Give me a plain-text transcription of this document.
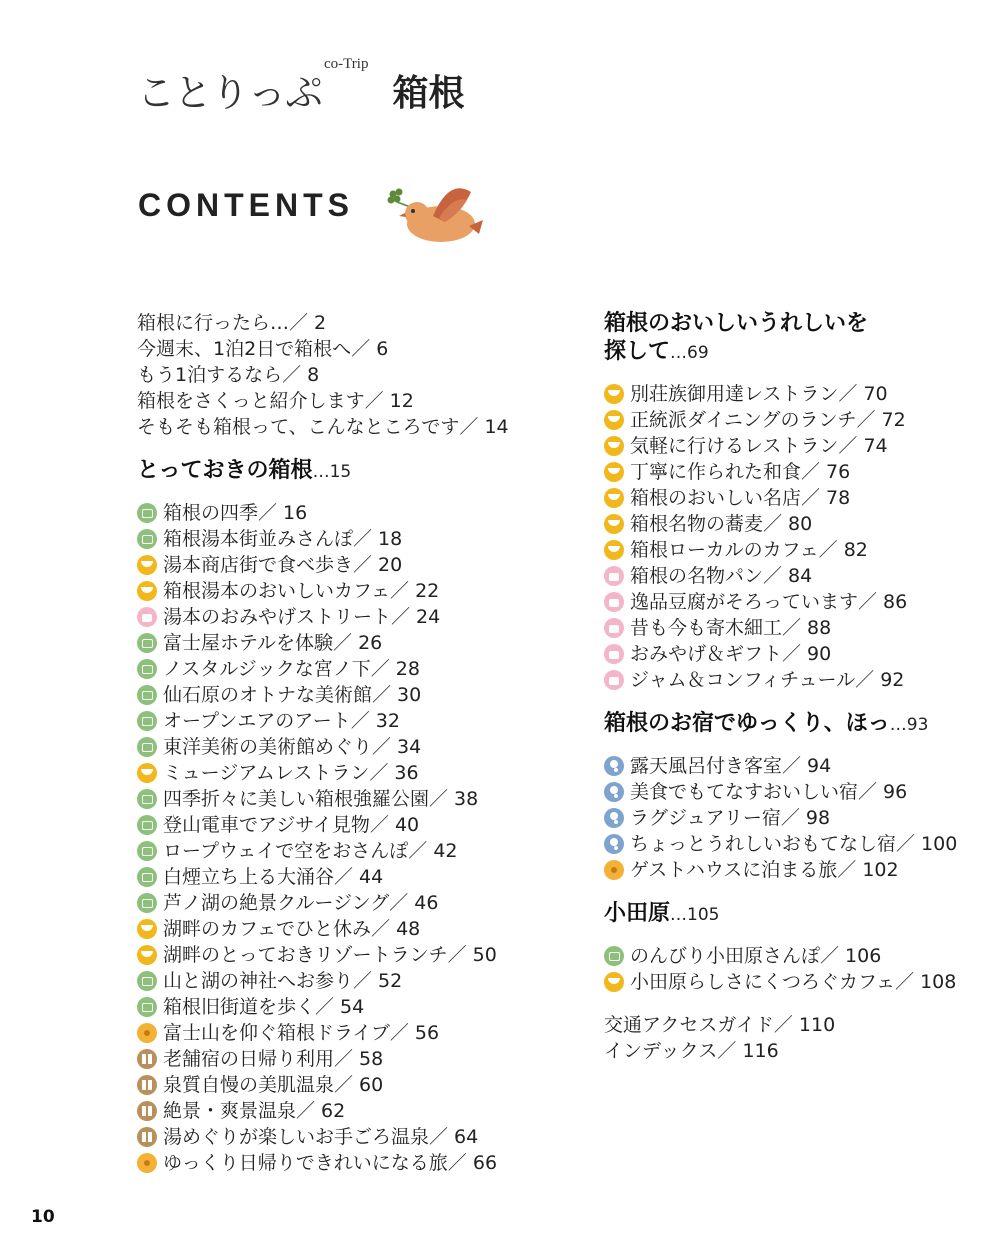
ことりっぷ
co-Trip
箱根
CONTENTS
箱根に行ったら…／ 2
今週末、1泊2日で箱根へ／ 6
もう1泊するなら／ 8
箱根をさくっと紹介します／ 12
そもそも箱根って、こんなところです／ 14
とっておきの箱根…15
箱根の四季／ 16
箱根湯本街並みさんぽ／ 18
湯本商店街で食べ歩き／ 20
箱根湯本のおいしいカフェ／ 22
湯本のおみやげストリート／ 24
富士屋ホテルを体験／ 26
ノスタルジックな宮ノ下／ 28
仙石原のオトナな美術館／ 30
オープンエアのアート／ 32
東洋美術の美術館めぐり／ 34
ミュージアムレストラン／ 36
四季折々に美しい箱根強羅公園／ 38
登山電車でアジサイ見物／ 40
ロープウェイで空をおさんぽ／ 42
白煙立ち上る大涌谷／ 44
芦ノ湖の絶景クルージング／ 46
湖畔のカフェでひと休み／ 48
湖畔のとっておきリゾートランチ／ 50
山と湖の神社へお参り／ 52
箱根旧街道を歩く／ 54
富士山を仰ぐ箱根ドライブ／ 56
老舗宿の日帰り利用／ 58
泉質自慢の美肌温泉／ 60
絶景・爽景温泉／ 62
湯めぐりが楽しいお手ごろ温泉／ 64
ゆっくり日帰りできれいになる旅／ 66
箱根のおいしいうれしいを
探して…69
別荘族御用達レストラン／ 70
正統派ダイニングのランチ／ 72
気軽に行けるレストラン／ 74
丁寧に作られた和食／ 76
箱根のおいしい名店／ 78
箱根名物の蕎麦／ 80
箱根ローカルのカフェ／ 82
箱根の名物パン／ 84
逸品豆腐がそろっています／ 86
昔も今も寄木細工／ 88
おみやげ＆ギフト／ 90
ジャム＆コンフィチュール／ 92
箱根のお宿でゆっくり、ほっ…93
露天風呂付き客室／ 94
美食でもてなすおいしい宿／ 96
ラグジュアリー宿／ 98
ちょっとうれしいおもてなし宿／ 100
ゲストハウスに泊まる旅／ 102
小田原…105
のんびり小田原さんぽ／ 106
小田原らしさにくつろぐカフェ／ 108
交通アクセスガイド／ 110
インデックス／ 116
10
